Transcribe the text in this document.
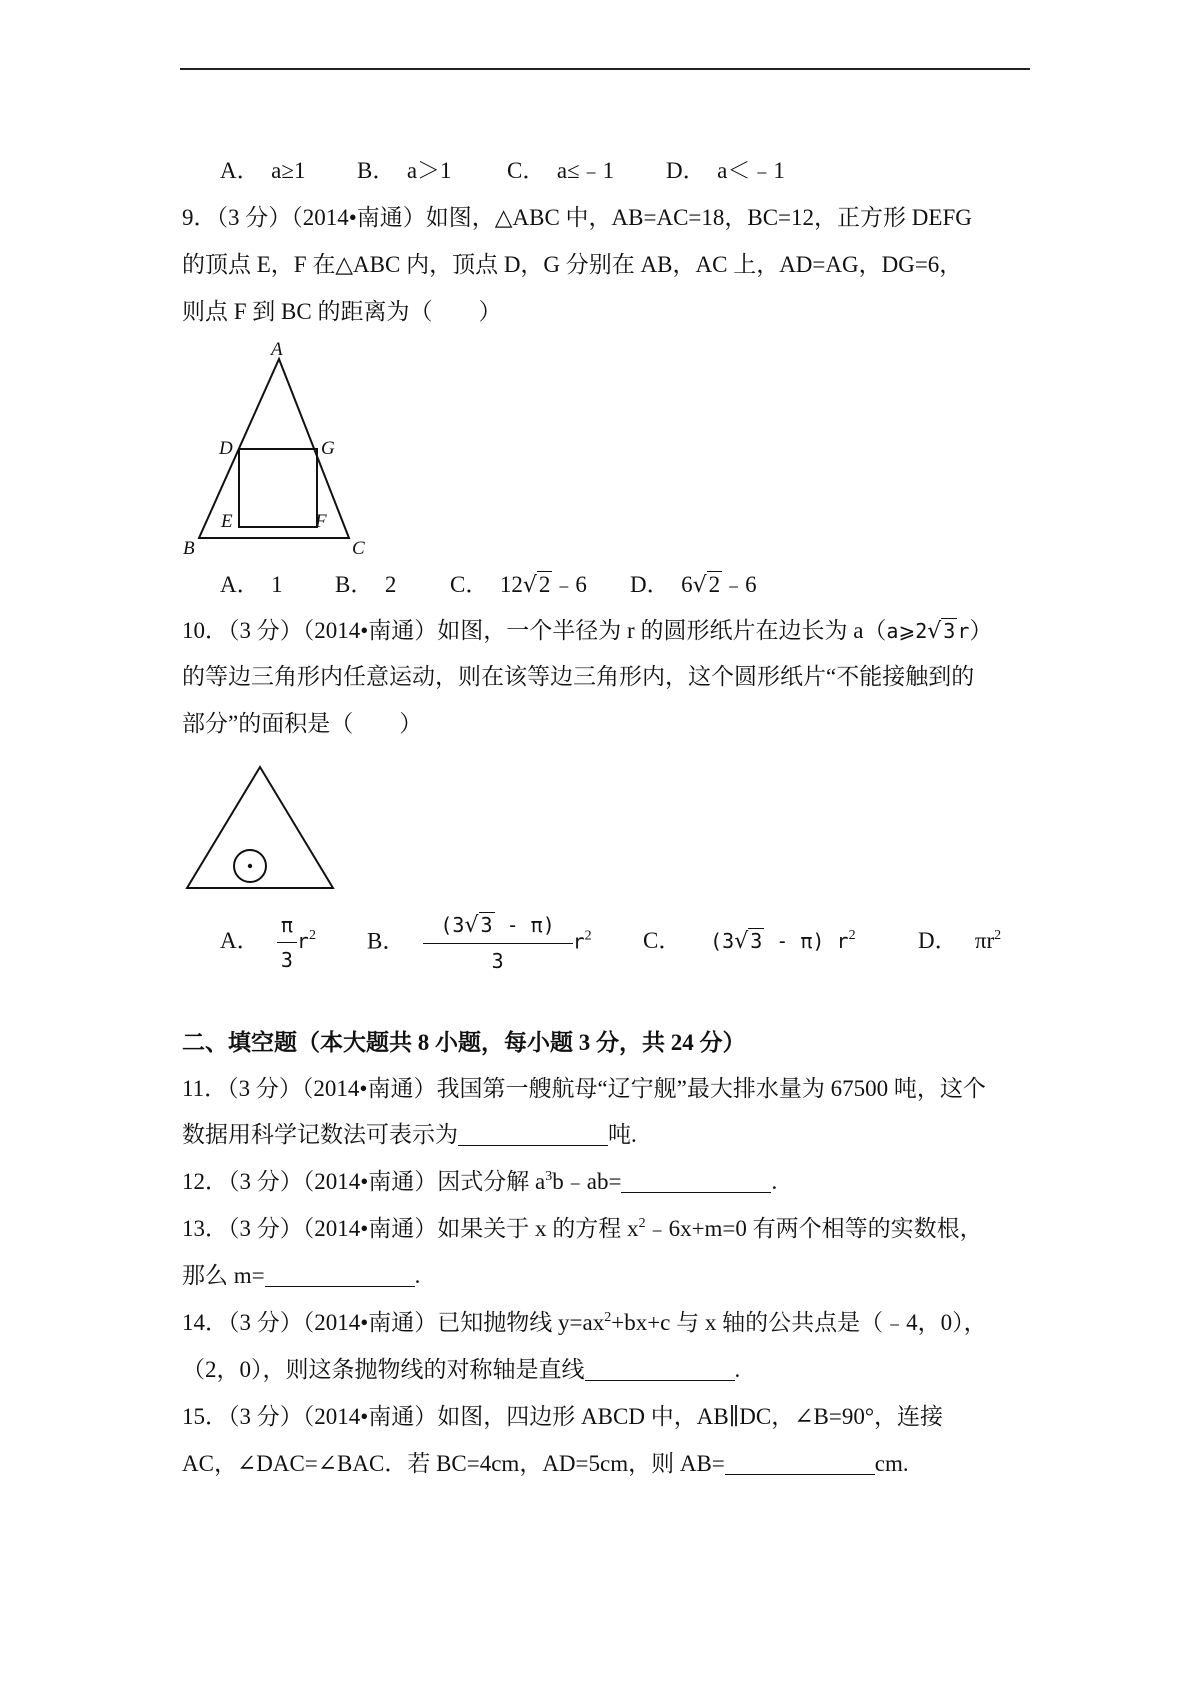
A． a≥1 B． a＞1 C． a≤﹣1 D． a＜﹣1
9．（3 分）（2014•南通）如图，△ABC 中，AB=AC=18，BC=12，正方形 DEFG
的顶点 E，F 在△ABC 内，顶点 D，G 分别在 AB，AC 上，AD=AG，DG=6，
则点 F 到 BC 的距离为（　　）
A
B	C
D	G
E	F
A． 1 B． 2 C． 12√2﹣6 D． 6√2﹣6
10．（3 分）（2014•南通）如图，一个半径为 r 的圆形纸片在边长为 a（a⩾2√ 3 r）
的等边三角形内任意运动，则在该等边三角形内，这个圆形纸片“不能接触到的
部分”的面积是（　　）
A． $\frac{\pi}{3} r^2$ B． $\frac{(3√ 3 - \pi)}{3} r^2$ C． (3√ 3 - π) $r^2$	D． $\pi r^2$
二、填空题（本大题共 8 小题，每小题 3 分，共 24 分）
11．（3 分）（2014•南通）我国第一艘航母“辽宁舰”最大排水量为 67500 吨，这个
数据用科学记数法可表示为	吨.
12．（3 分）（2014•南通）因式分解 $a^3b﹣ab=$	.
13．（3 分）（2014•南通）如果关于 x 的方程 $x^2﹣6x+m=0$ 有两个相等的实数根，
那么 m=	.
14．（3 分）（2014•南通）已知抛物线 $y=ax^2+bx+c$ 与 x 轴的公共点是（﹣4，0），
（2，0），则这条抛物线的对称轴是直线	.
15．（3 分）（2014•南通）如图，四边形 ABCD 中，AB∥DC，∠B=90°，连接
AC，∠DAC=∠BAC．若 BC=4cm，AD=5cm，则 AB=	cm.
